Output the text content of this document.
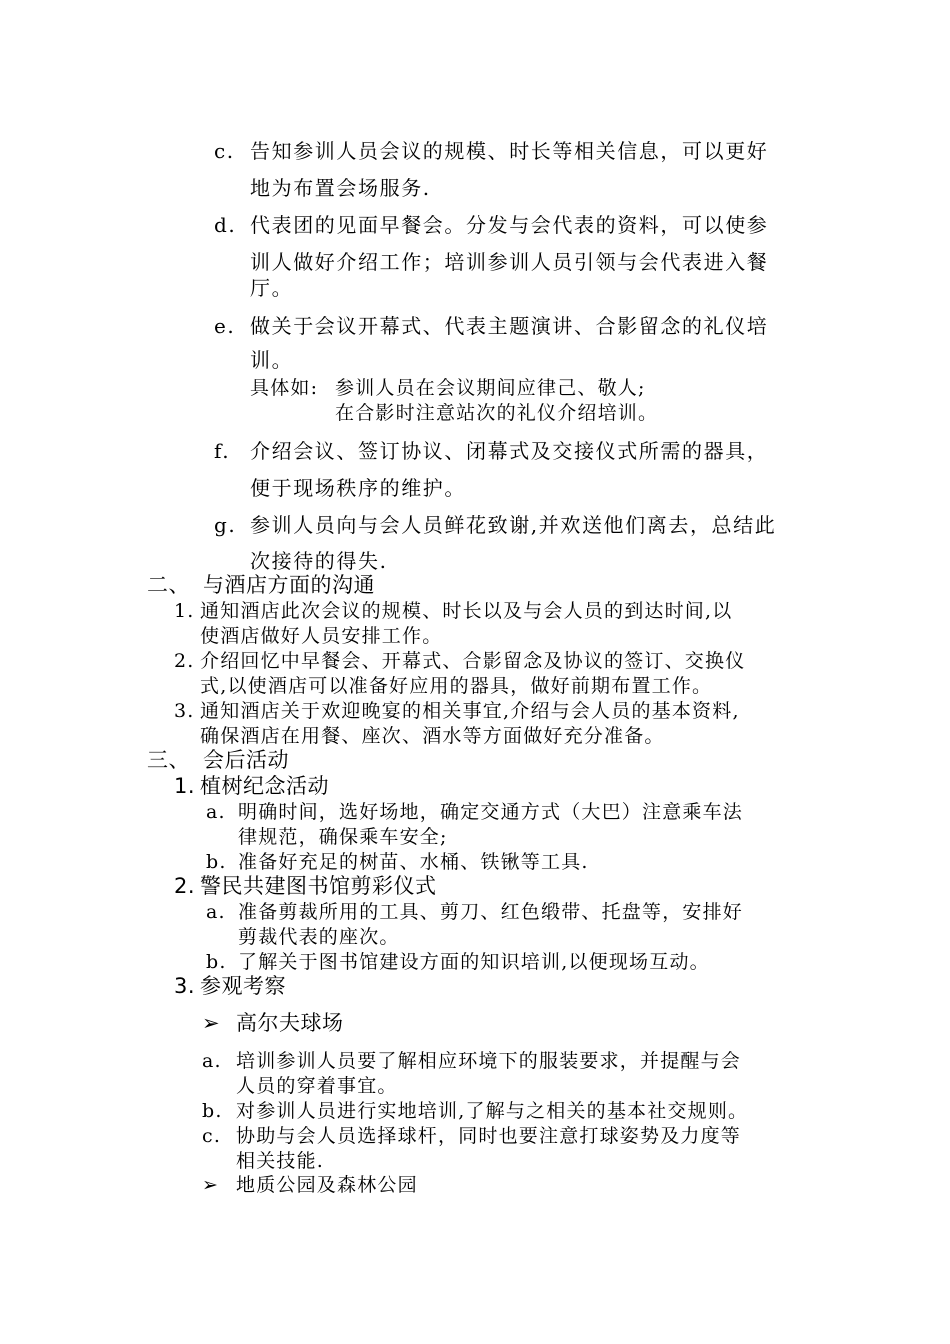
c. 告知参训人员会议的规模、时长等相关信息，可以更好
地为布置会场服务.
d. 代表团的见面早餐会。分发与会代表的资料，可以使参
训人做好介绍工作；培训参训人员引领与会代表进入餐
厅。
e. 做关于会议开幕式、代表主题演讲、合影留念的礼仪培
训。
具体如: 参训人员在会议期间应律己、敬人;
在合影时注意站次的礼仪介绍培训。
f. 介绍会议、签订协议、闭幕式及交接仪式所需的器具，
便于现场秩序的维护。
g. 参训人员向与会人员鲜花致谢,并欢送他们离去，总结此
次接待的得失.
二、 与酒店方面的沟通
1. 通知酒店此次会议的规模、时长以及与会人员的到达时间,以
使酒店做好人员安排工作。
2. 介绍回忆中早餐会、开幕式、合影留念及协议的签订、交换仪
式,以使酒店可以准备好应用的器具，做好前期布置工作。
3. 通知酒店关于欢迎晚宴的相关事宜,介绍与会人员的基本资料,
确保酒店在用餐、座次、酒水等方面做好充分准备。
三、 会后活动
1. 植树纪念活动
a. 明确时间，选好场地，确定交通方式（大巴）注意乘车法
律规范，确保乘车安全;
b. 准备好充足的树苗、水桶、铁锹等工具.
2. 警民共建图书馆剪彩仪式
a. 准备剪裁所用的工具、剪刀、红色缎带、托盘等，安排好
剪裁代表的座次。
b. 了解关于图书馆建设方面的知识培训,以便现场互动。
3. 参观考察
➢ 高尔夫球场
a. 培训参训人员要了解相应环境下的服装要求，并提醒与会
人员的穿着事宜。
b. 对参训人员进行实地培训,了解与之相关的基本社交规则。
c. 协助与会人员选择球杆，同时也要注意打球姿势及力度等
相关技能.
➢ 地质公园及森林公园
